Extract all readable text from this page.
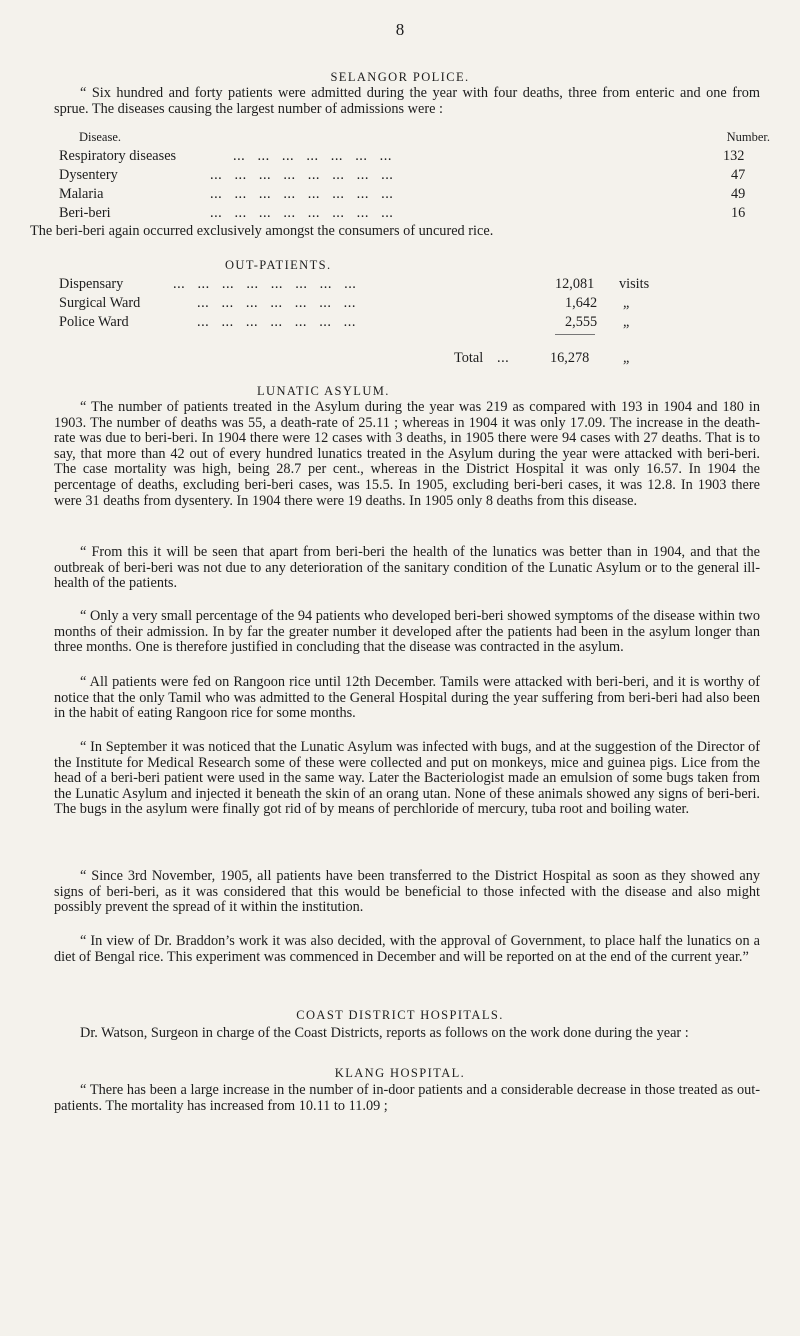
8
SELANGOR POLICE.

“ Six hundred and forty patients were admitted during the year with four deaths, three from enteric and one from sprue. The diseases causing the largest number of admissions were :

Disease.	Number.
Respiratory diseases	...   ...   ...   ...   ...   ...   ...	132
Dysentery	...   ...   ...   ...   ...   ...   ...   ...	47
Malaria	...   ...   ...   ...   ...   ...   ...   ...	49
Beri-beri	...   ...   ...   ...   ...   ...   ...   ...	16

The beri-beri again occurred exclusively amongst the consumers of uncured rice.

OUT-PATIENTS.
Dispensary	...   ...   ...   ...   ...   ...   ...   ...	12,081 visits
Surgical Ward	...   ...   ...   ...   ...   ...   ...	1,642 „
Police Ward	...   ...   ...   ...   ...   ...   ...	2,555 „
Total ...	16,278 „
LUNATIC ASYLUM.

“ The number of patients treated in the Asylum during the year was 219 as compared with 193 in 1904 and 180 in 1903. The number of deaths was 55, a death-rate of 25.11 ; whereas in 1904 it was only 17.09. The increase in the death-rate was due to beri-beri. In 1904 there were 12 cases with 3 deaths, in 1905 there were 94 cases with 27 deaths. That is to say, that more than 42 out of every hundred lunatics treated in the Asylum during the year were attacked with beri-beri. The case mortality was high, being 28.7 per cent., whereas in the District Hospital it was only 16.57. In 1904 the percentage of deaths, excluding beri-beri cases, was 15.5. In 1905, excluding beri-beri cases, it was 12.8. In 1903 there were 31 deaths from dysentery. In 1904 there were 19 deaths. In 1905 only 8 deaths from this disease.

“ From this it will be seen that apart from beri-beri the health of the lunatics was better than in 1904, and that the outbreak of beri-beri was not due to any deterioration of the sanitary condition of the Lunatic Asylum or to the general ill-health of the patients.

“ Only a very small percentage of the 94 patients who developed beri-beri showed symptoms of the disease within two months of their admission. In by far the greater number it developed after the patients had been in the asylum longer than three months. One is therefore justified in concluding that the disease was contracted in the asylum.

“ All patients were fed on Rangoon rice until 12th December. Tamils were attacked with beri-beri, and it is worthy of notice that the only Tamil who was admitted to the General Hospital during the year suffering from beri-beri had also been in the habit of eating Rangoon rice for some months.

“ In September it was noticed that the Lunatic Asylum was infected with bugs, and at the suggestion of the Director of the Institute for Medical Research some of these were collected and put on monkeys, mice and guinea pigs. Lice from the head of a beri-beri patient were used in the same way. Later the Bacteriologist made an emulsion of some bugs taken from the Lunatic Asylum and injected it beneath the skin of an orang utan. None of these animals showed any signs of beri-beri. The bugs in the asylum were finally got rid of by means of perchloride of mercury, tuba root and boiling water.

“ Since 3rd November, 1905, all patients have been transferred to the District Hospital as soon as they showed any signs of beri-beri, as it was considered that this would be beneficial to those infected with the disease and also might possibly prevent the spread of it within the institution.

“ In view of Dr. Braddon’s work it was also decided, with the approval of Government, to place half the lunatics on a diet of Bengal rice. This experiment was commenced in December and will be reported on at the end of the current year.”

COAST DISTRICT HOSPITALS.

Dr. Watson, Surgeon in charge of the Coast Districts, reports as follows on the work done during the year :

KLANG HOSPITAL.

“ There has been a large increase in the number of in-door patients and a considerable decrease in those treated as out-patients. The mortality has increased from 10.11 to 11.09 ;
